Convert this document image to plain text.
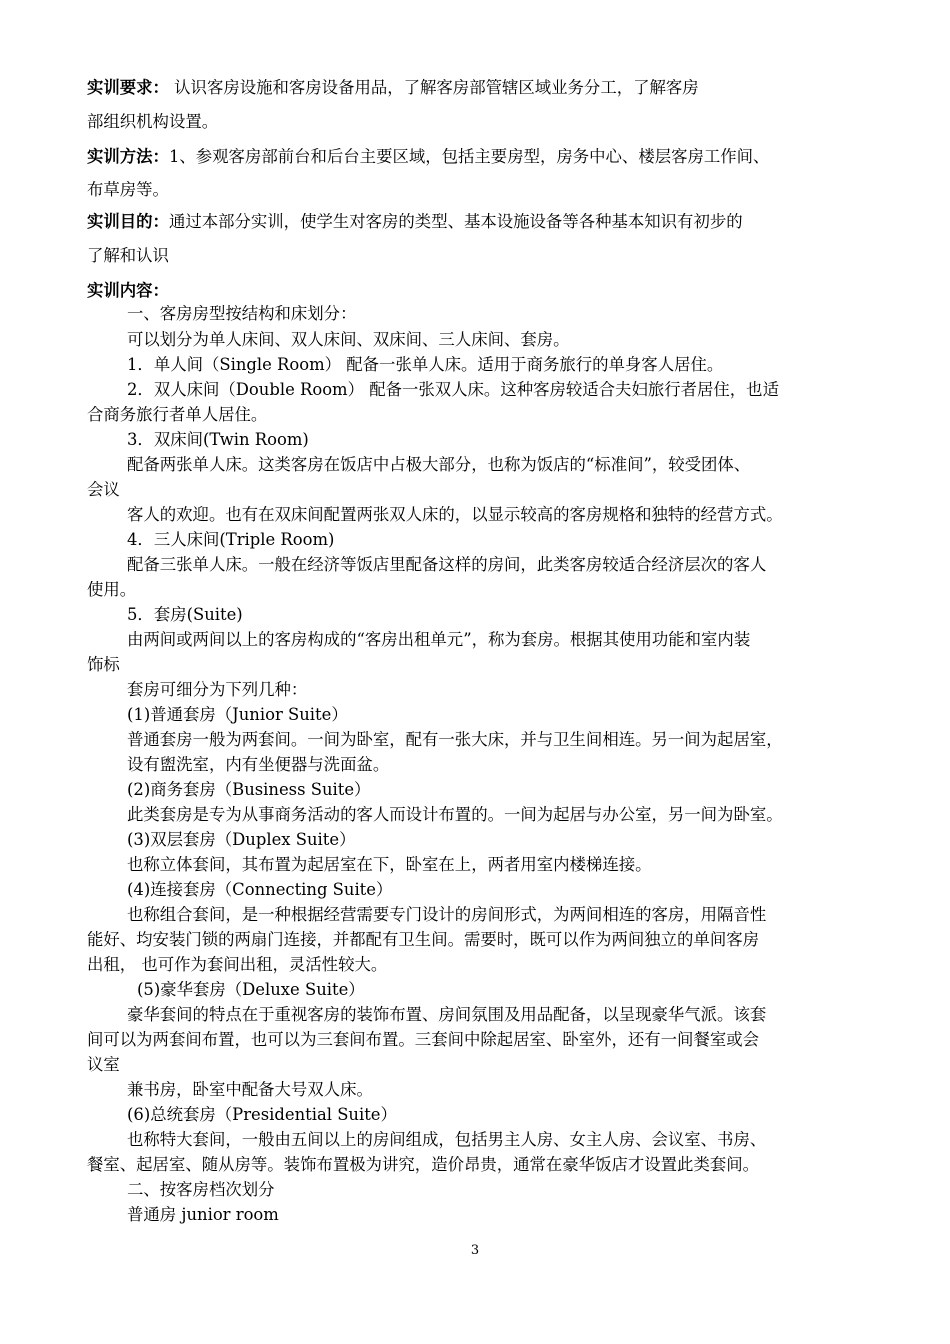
实训要求： 认识客房设施和客房设备用品，了解客房部管辖区域业务分工，了解客房
部组织机构设置。
实训方法：1、参观客房部前台和后台主要区域，包括主要房型，房务中心、楼层客房工作间、
布草房等。
实训目的：通过本部分实训，使学生对客房的类型、基本设施设备等各种基本知识有初步的
了解和认识
实训内容：
一、客房房型按结构和床划分：
可以划分为单人床间、双人床间、双床间、三人床间、套房。
1．单人间（Single Room） 配备一张单人床。适用于商务旅行的单身客人居住。
2．双人床间（Double Room） 配备一张双人床。这种客房较适合夫妇旅行者居住，也适
合商务旅行者单人居住。
3．双床间(Twin Room)
配备两张单人床。这类客房在饭店中占极大部分，也称为饭店的“标准间”，较受团体、
会议
客人的欢迎。也有在双床间配置两张双人床的，以显示较高的客房规格和独特的经营方式。
4．三人床间(Triple Room)
配备三张单人床。一般在经济等饭店里配备这样的房间，此类客房较适合经济层次的客人
使用。
5．套房(Suite)
由两间或两间以上的客房构成的“客房出租单元”，称为套房。根据其使用功能和室内装
饰标
套房可细分为下列几种：
(1)普通套房（Junior Suite）
普通套房一般为两套间。一间为卧室，配有一张大床，并与卫生间相连。另一间为起居室，
设有盥洗室，内有坐便器与洗面盆。
(2)商务套房（Business Suite）
此类套房是专为从事商务活动的客人而设计布置的。一间为起居与办公室，另一间为卧室。
(3)双层套房（Duplex Suite）
也称立体套间，其布置为起居室在下，卧室在上，两者用室内楼梯连接。
(4)连接套房（Connecting Suite）
也称组合套间，是一种根据经营需要专门设计的房间形式，为两间相连的客房，用隔音性
能好、均安装门锁的两扇门连接，并都配有卫生间。需要时，既可以作为两间独立的单间客房
出租， 也可作为套间出租，灵活性较大。
(5)豪华套房（Deluxe Suite）
豪华套间的特点在于重视客房的装饰布置、房间氛围及用品配备，以呈现豪华气派。该套
间可以为两套间布置，也可以为三套间布置。三套间中除起居室、卧室外，还有一间餐室或会
议室
兼书房，卧室中配备大号双人床。
(6)总统套房（Presidential Suite）
也称特大套间，一般由五间以上的房间组成，包括男主人房、女主人房、会议室、书房、
餐室、起居室、随从房等。装饰布置极为讲究，造价昂贵，通常在豪华饭店才设置此类套间。
二、按客房档次划分
普通房 junior room
3
